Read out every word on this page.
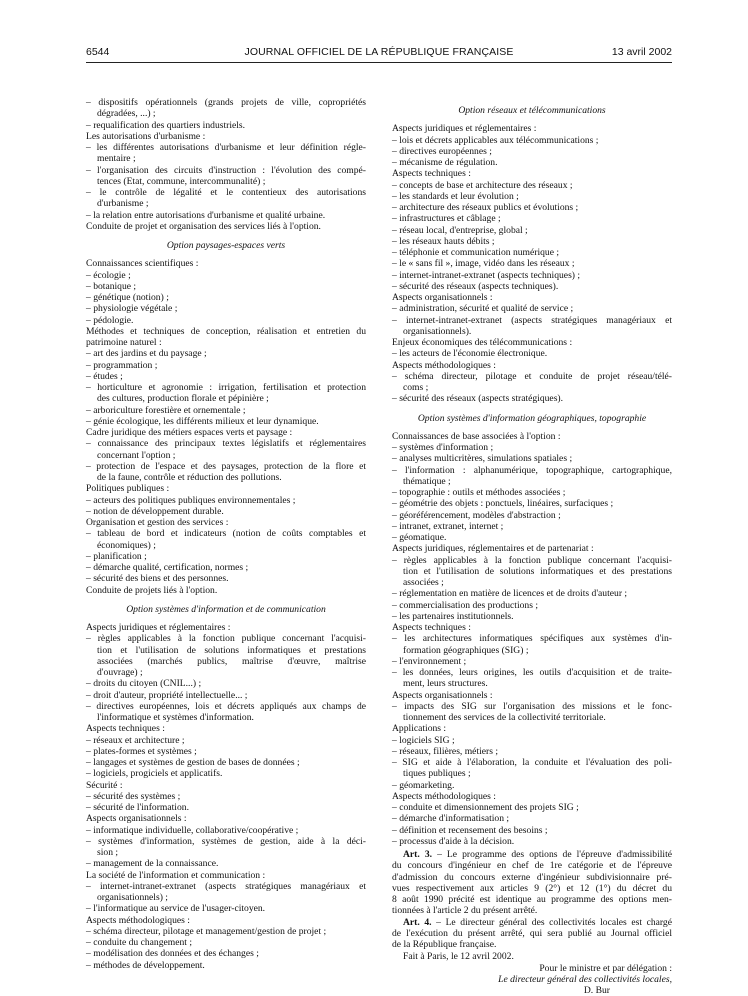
6544	JOURNAL OFFICIEL DE LA RÉPUBLIQUE FRANÇAISE	13 avril 2002
– dispositifs opérationnels (grands projets de ville, copropriétés
dégradées, ...) ;
– requalification des quartiers industriels.
Les autorisations d'urbanisme :
– les différentes autorisations d'urbanisme et leur définition régle-
mentaire ;
– l'organisation des circuits d'instruction : l'évolution des compé-
tences (Etat, commune, intercommunalité) ;
– le contrôle de légalité et le contentieux des autorisations
d'urbanisme ;
– la relation entre autorisations d'urbanisme et qualité urbaine.
Conduite de projet et organisation des services liés à l'option.
Option paysages-espaces verts
Connaissances scientifiques :
– écologie ;
– botanique ;
– génétique (notion) ;
– physiologie végétale ;
– pédologie.
Méthodes et techniques de conception, réalisation et entretien du
patrimoine naturel :
– art des jardins et du paysage ;
– programmation ;
– études ;
– horticulture et agronomie : irrigation, fertilisation et protection
des cultures, production florale et pépinière ;
– arboriculture forestière et ornementale ;
– génie écologique, les différents milieux et leur dynamique.
Cadre juridique des métiers espaces verts et paysage :
– connaissance des principaux textes législatifs et réglementaires
concernant l'option ;
– protection de l'espace et des paysages, protection de la flore et
de la faune, contrôle et réduction des pollutions.
Politiques publiques :
– acteurs des politiques publiques environnementales ;
– notion de développement durable.
Organisation et gestion des services :
– tableau de bord et indicateurs (notion de coûts comptables et
économiques) ;
– planification ;
– démarche qualité, certification, normes ;
– sécurité des biens et des personnes.
Conduite de projets liés à l'option.
Option systèmes d'information et de communication
Aspects juridiques et réglementaires :
– règles applicables à la fonction publique concernant l'acquisi-
tion et l'utilisation de solutions informatiques et prestations
associées (marchés publics, maîtrise d'œuvre, maîtrise
d'ouvrage) ;
– droits du citoyen (CNIL...) ;
– droit d'auteur, propriété intellectuelle... ;
– directives européennes, lois et décrets appliqués aux champs de
l'informatique et systèmes d'information.
Aspects techniques :
– réseaux et architecture ;
– plates-formes et systèmes ;
– langages et systèmes de gestion de bases de données ;
– logiciels, progiciels et applicatifs.
Sécurité :
– sécurité des systèmes ;
– sécurité de l'information.
Aspects organisationnels :
– informatique individuelle, collaborative/coopérative ;
– systèmes d'information, systèmes de gestion, aide à la déci-
sion ;
– management de la connaissance.
La société de l'information et communication :
– internet-intranet-extranet (aspects stratégiques managériaux et
organisationnels) ;
– l'informatique au service de l'usager-citoyen.
Aspects méthodologiques :
– schéma directeur, pilotage et management/gestion de projet ;
– conduite du changement ;
– modélisation des données et des échanges ;
– méthodes de développement.
Option réseaux et télécommunications
Aspects juridiques et réglementaires :
– lois et décrets applicables aux télécommunications ;
– directives européennes ;
– mécanisme de régulation.
Aspects techniques :
– concepts de base et architecture des réseaux ;
– les standards et leur évolution ;
– architecture des réseaux publics et évolutions ;
– infrastructures et câblage ;
– réseau local, d'entreprise, global ;
– les réseaux hauts débits ;
– téléphonie et communication numérique ;
– le « sans fil », image, vidéo dans les réseaux ;
– internet-intranet-extranet (aspects techniques) ;
– sécurité des réseaux (aspects techniques).
Aspects organisationnels :
– administration, sécurité et qualité de service ;
– internet-intranet-extranet (aspects stratégiques managériaux et
organisationnels).
Enjeux économiques des télécommunications :
– les acteurs de l'économie électronique.
Aspects méthodologiques :
– schéma directeur, pilotage et conduite de projet réseau/télé-
coms ;
– sécurité des réseaux (aspects stratégiques).
Option systèmes d'information géographiques, topographie
Connaissances de base associées à l'option :
– systèmes d'information ;
– analyses multicritères, simulations spatiales ;
– l'information : alphanumérique, topographique, cartographique,
thématique ;
– topographie : outils et méthodes associées ;
– géométrie des objets : ponctuels, linéaires, surfaciques ;
– géoréférencement, modèles d'abstraction ;
– intranet, extranet, internet ;
– géomatique.
Aspects juridiques, réglementaires et de partenariat :
– règles applicables à la fonction publique concernant l'acquisi-
tion et l'utilisation de solutions informatiques et des prestations
associées ;
– réglementation en matière de licences et de droits d'auteur ;
– commercialisation des productions ;
– les partenaires institutionnels.
Aspects techniques :
– les architectures informatiques spécifiques aux systèmes d'in-
formation géographiques (SIG) ;
– l'environnement ;
– les données, leurs origines, les outils d'acquisition et de traite-
ment, leurs structures.
Aspects organisationnels :
– impacts des SIG sur l'organisation des missions et le fonc-
tionnement des services de la collectivité territoriale.
Applications :
– logiciels SIG ;
– réseaux, filières, métiers ;
– SIG et aide à l'élaboration, la conduite et l'évaluation des poli-
tiques publiques ;
– géomarketing.
Aspects méthodologiques :
– conduite et dimensionnement des projets SIG ;
– démarche d'informatisation ;
– définition et recensement des besoins ;
– processus d'aide à la décision.
Art. 3. – Le programme des options de l'épreuve d'admissibilité
du concours d'ingénieur en chef de 1re catégorie et de l'épreuve
d'admission du concours externe d'ingénieur subdivisionnaire pré-
vues respectivement aux articles 9 (2°) et 12 (1°) du décret du
8 août 1990 précité est identique au programme des options men-
tionnées à l'article 2 du présent arrêté.
Art. 4. – Le directeur général des collectivités locales est chargé
de l'exécution du présent arrêté, qui sera publié au Journal officiel
de la République française.
Fait à Paris, le 12 avril 2002.
Pour le ministre et par délégation :
Le directeur général des collectivités locales,
D. Bur
